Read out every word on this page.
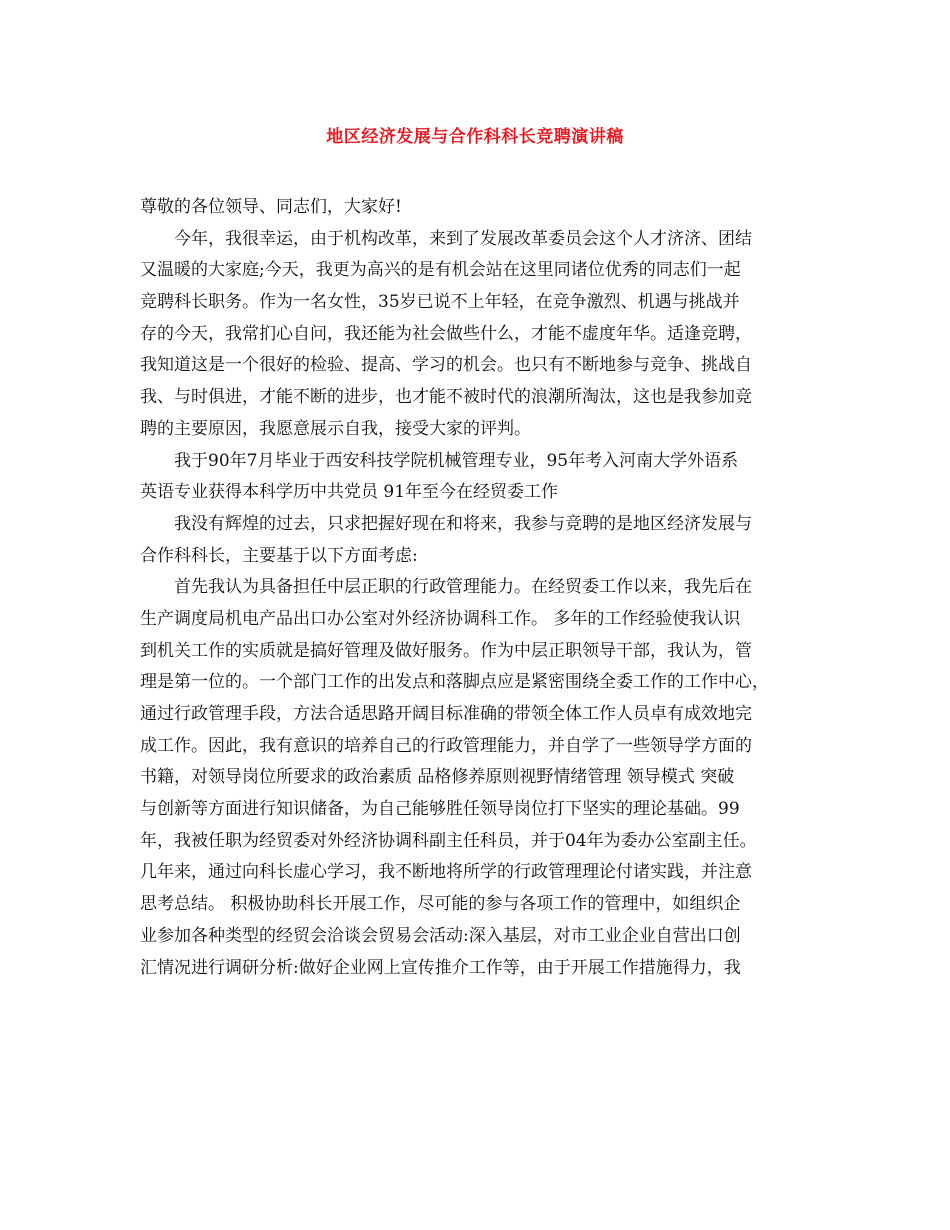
地区经济发展与合作科科长竞聘演讲稿
尊敬的各位领导、同志们，大家好!
今年，我很幸运，由于机构改革，来到了发展改革委员会这个人才济济、团结
又温暖的大家庭;今天，我更为高兴的是有机会站在这里同诸位优秀的同志们一起
竞聘科长职务。作为一名女性，35岁已说不上年轻，在竞争激烈、机遇与挑战并
存的今天，我常扪心自问，我还能为社会做些什么，才能不虚度年华。适逢竞聘，
我知道这是一个很好的检验、提高、学习的机会。也只有不断地参与竞争、挑战自
我、与时俱进，才能不断的进步，也才能不被时代的浪潮所淘汰，这也是我参加竞
聘的主要原因，我愿意展示自我，接受大家的评判。
我于90年7月毕业于西安科技学院机械管理专业，95年考入河南大学外语系
英语专业获得本科学历中共党员 91年至今在经贸委工作
我没有辉煌的过去，只求把握好现在和将来，我参与竞聘的是地区经济发展与
合作科科长，主要基于以下方面考虑:
首先我认为具备担任中层正职的行政管理能力。在经贸委工作以来，我先后在
生产调度局机电产品出口办公室对外经济协调科工作。 多年的工作经验使我认识
到机关工作的实质就是搞好管理及做好服务。作为中层正职领导干部，我认为，管
理是第一位的。一个部门工作的出发点和落脚点应是紧密围绕全委工作的工作中心，
通过行政管理手段，方法合适思路开阔目标准确的带领全体工作人员卓有成效地完
成工作。因此，我有意识的培养自己的行政管理能力，并自学了一些领导学方面的
书籍，对领导岗位所要求的政治素质 品格修养原则视野情绪管理 领导模式 突破
与创新等方面进行知识储备，为自己能够胜任领导岗位打下坚实的理论基础。99
年，我被任职为经贸委对外经济协调科副主任科员，并于04年为委办公室副主任。
几年来，通过向科长虚心学习，我不断地将所学的行政管理理论付诸实践，并注意
思考总结。 积极协助科长开展工作，尽可能的参与各项工作的管理中，如组织企
业参加各种类型的经贸会洽谈会贸易会活动:深入基层，对市工业企业自营出口创
汇情况进行调研分析:做好企业网上宣传推介工作等，由于开展工作措施得力，我
